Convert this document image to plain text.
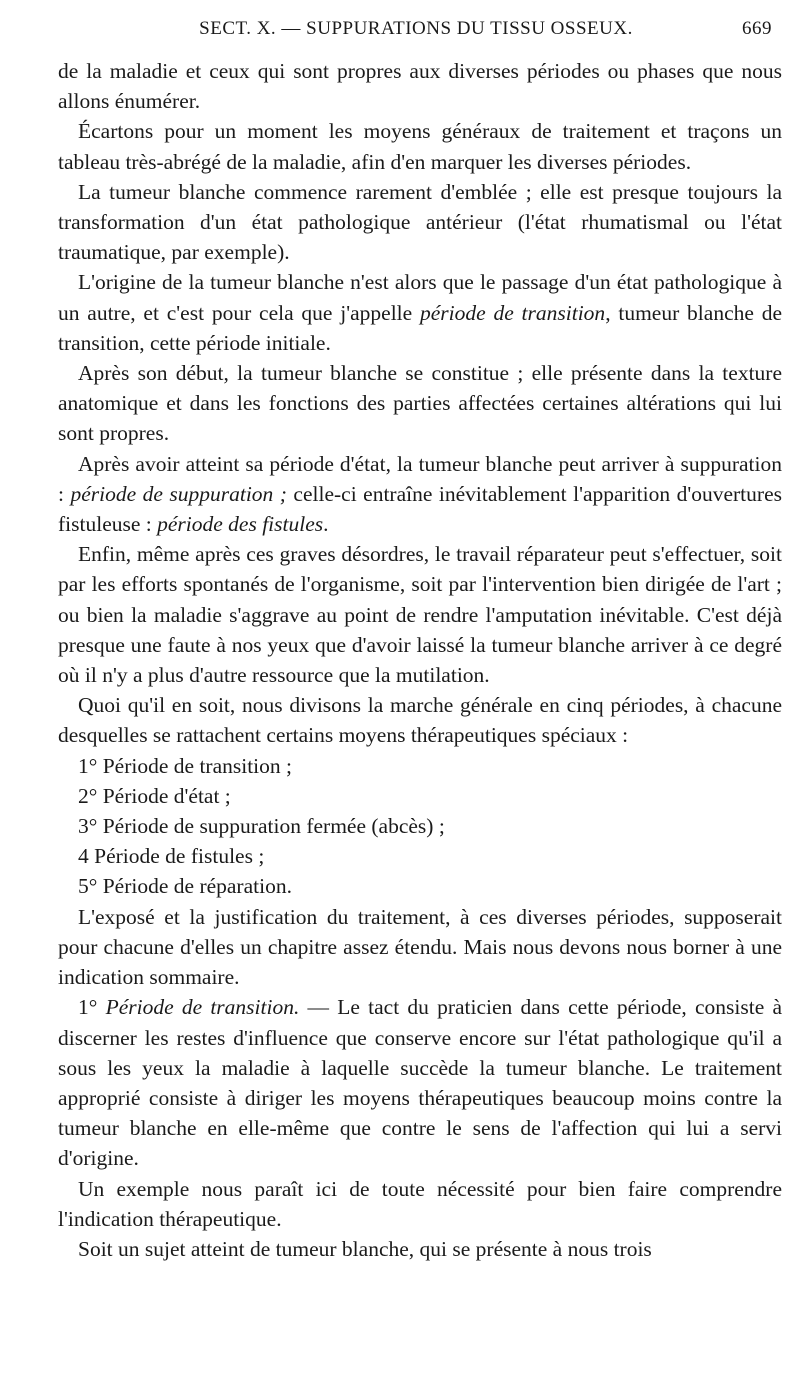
SECT. X. — SUPPURATIONS DU TISSU OSSEUX.	669

de la maladie et ceux qui sont propres aux diverses périodes ou phases que nous allons énumérer.

Écartons pour un moment les moyens généraux de traitement et traçons un tableau très-abrégé de la maladie, afin d'en marquer les diverses périodes.

La tumeur blanche commence rarement d'emblée ; elle est presque toujours la transformation d'un état pathologique antérieur (l'état rhumatismal ou l'état traumatique, par exemple).

L'origine de la tumeur blanche n'est alors que le passage d'un état pathologique à un autre, et c'est pour cela que j'appelle période de transition, tumeur blanche de transition, cette période initiale.

Après son début, la tumeur blanche se constitue ; elle présente dans la texture anatomique et dans les fonctions des parties affectées certaines altérations qui lui sont propres.

Après avoir atteint sa période d'état, la tumeur blanche peut arriver à suppuration : période de suppuration ; celle-ci entraîne inévitablement l'apparition d'ouvertures fistuleuse : période des fistules.

Enfin, même après ces graves désordres, le travail réparateur peut s'effectuer, soit par les efforts spontanés de l'organisme, soit par l'intervention bien dirigée de l'art ; ou bien la maladie s'aggrave au point de rendre l'amputation inévitable. C'est déjà presque une faute à nos yeux que d'avoir laissé la tumeur blanche arriver à ce degré où il n'y a plus d'autre ressource que la mutilation.

Quoi qu'il en soit, nous divisons la marche générale en cinq périodes, à chacune desquelles se rattachent certains moyens thérapeutiques spéciaux :

1° Période de transition ;

2° Période d'état ;

3° Période de suppuration fermée (abcès) ;

4 Période de fistules ;

5° Période de réparation.

L'exposé et la justification du traitement, à ces diverses périodes, supposerait pour chacune d'elles un chapitre assez étendu. Mais nous devons nous borner à une indication sommaire.

1° Période de transition. — Le tact du praticien dans cette période, consiste à discerner les restes d'influence que conserve encore sur l'état pathologique qu'il a sous les yeux la maladie à laquelle succède la tumeur blanche. Le traitement approprié consiste à diriger les moyens thérapeutiques beaucoup moins contre la tumeur blanche en elle-même que contre le sens de l'affection qui lui a servi d'origine.

Un exemple nous paraît ici de toute nécessité pour bien faire comprendre l'indication thérapeutique.

Soit un sujet atteint de tumeur blanche, qui se présente à nous trois
